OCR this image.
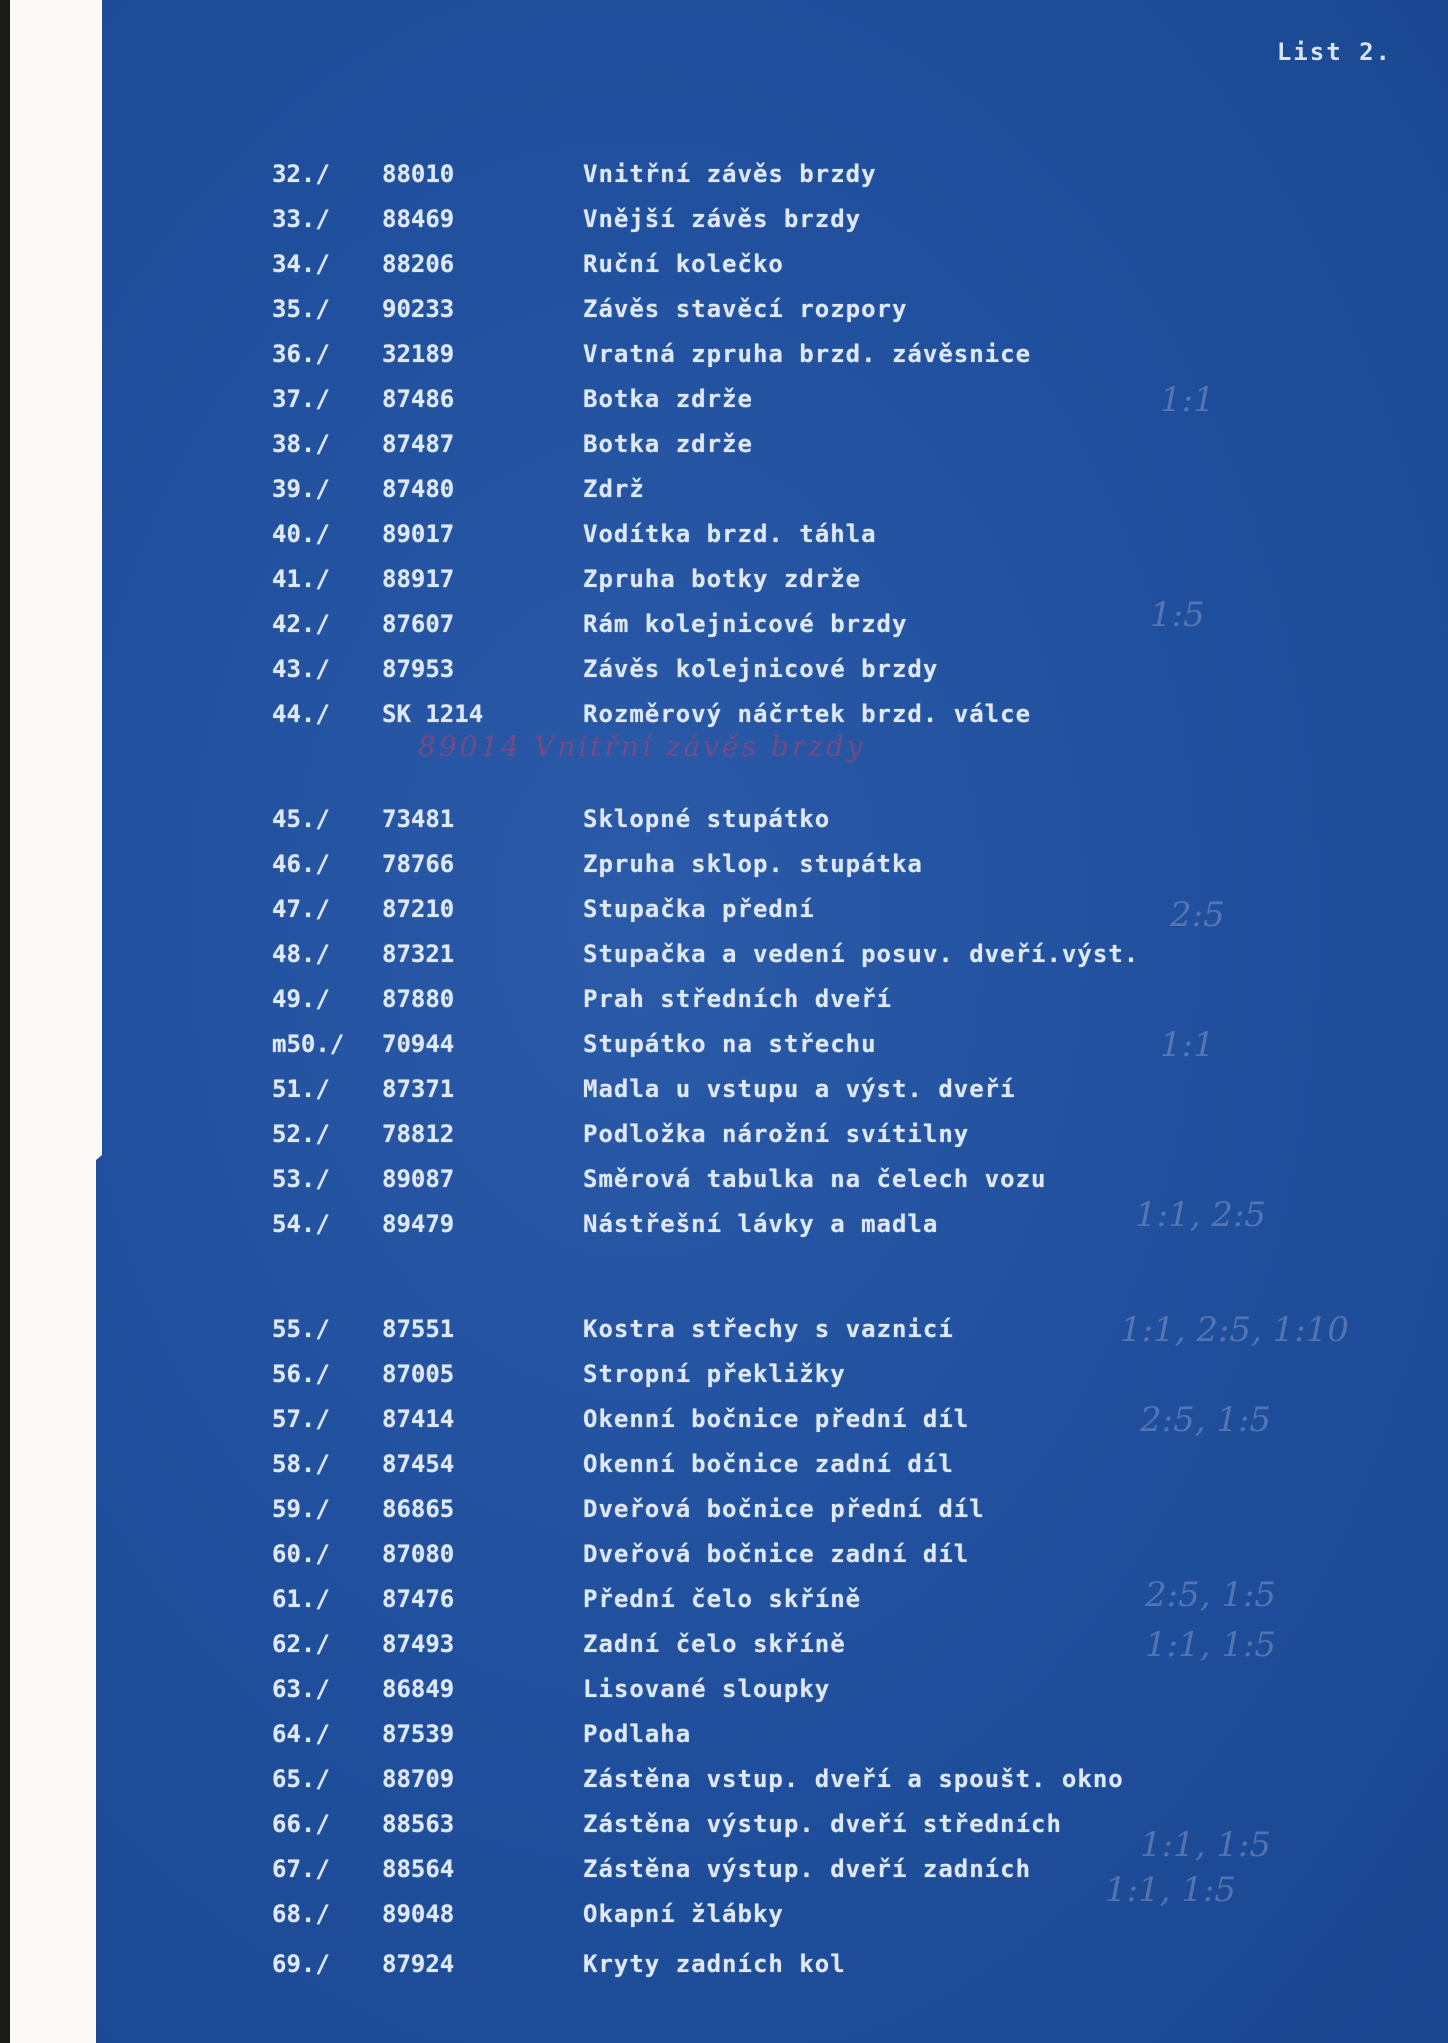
List 2.
32./ 88010	Vnitřní závěs brzdy
33./ 88469	Vnější závěs brzdy
34./ 88206	Ruční kolečko
35./ 90233	Závěs stavěcí rozpory
36./ 32189	Vratná zpruha brzd. závěsnice
37./ 87486	Botka zdrže
38./ 87487	Botka zdrže
39./ 87480	Zdrž
40./ 89017	Vodítka brzd. táhla
41./ 88917	Zpruha botky zdrže
42./ 87607	Rám kolejnicové brzdy
43./ 87953	Závěs kolejnicové brzdy
44./ SK 1214	Rozměrový náčrtek brzd. válce
45./ 73481	Sklopné stupátko
46./ 78766	Zpruha sklop. stupátka
47./ 87210	Stupačka přední
48./ 87321	Stupačka a vedení posuv. dveří.výst.
49./ 87880	Prah středních dveří
m50./ 70944	Stupátko na střechu
51./ 87371	Madla u vstupu a výst. dveří
52./ 78812	Podložka nárožní svítilny
53./ 89087	Směrová tabulka na čelech vozu
54./ 89479	Nástřešní lávky a madla
55./ 87551	Kostra střechy s vaznicí
56./ 87005	Stropní překližky
57./ 87414	Okenní bočnice přední díl
58./ 87454	Okenní bočnice zadní díl
59./ 86865	Dveřová bočnice přední díl
60./ 87080	Dveřová bočnice zadní díl
61./ 87476	Přední čelo skříně
62./ 87493	Zadní čelo skříně
63./ 86849	Lisované sloupky
64./ 87539	Podlaha
65./ 88709	Zástěna vstup. dveří a spoušt. okno
66./ 88563	Zástěna výstup. dveří středních
67./ 88564	Zástěna výstup. dveří zadních
68./ 89048	Okapní žlábky
69./ 87924	Kryty zadních kol
89014 Vnitřní závěs brzdy
1:1
1:5
2:5
1:1
1:1, 2:5
1:1, 2:5, 1:10
2:5, 1:5
2:5, 1:5
1:1, 1:5
1:1, 1:5
1:1, 1:5
